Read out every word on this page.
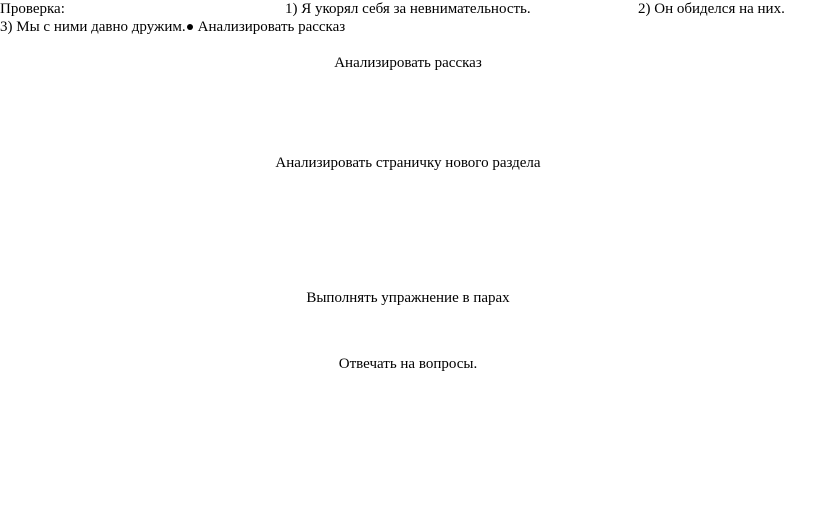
Проверка:	1) Я укорял себя за невнимательность.	2) Он обиделся на них.
3) Мы с ними давно дружим. Анализировать рассказ
Анализировать рассказ
Анализировать страничку нового раздела
Выполнять упражнение в парах
Отвечать на вопросы.
